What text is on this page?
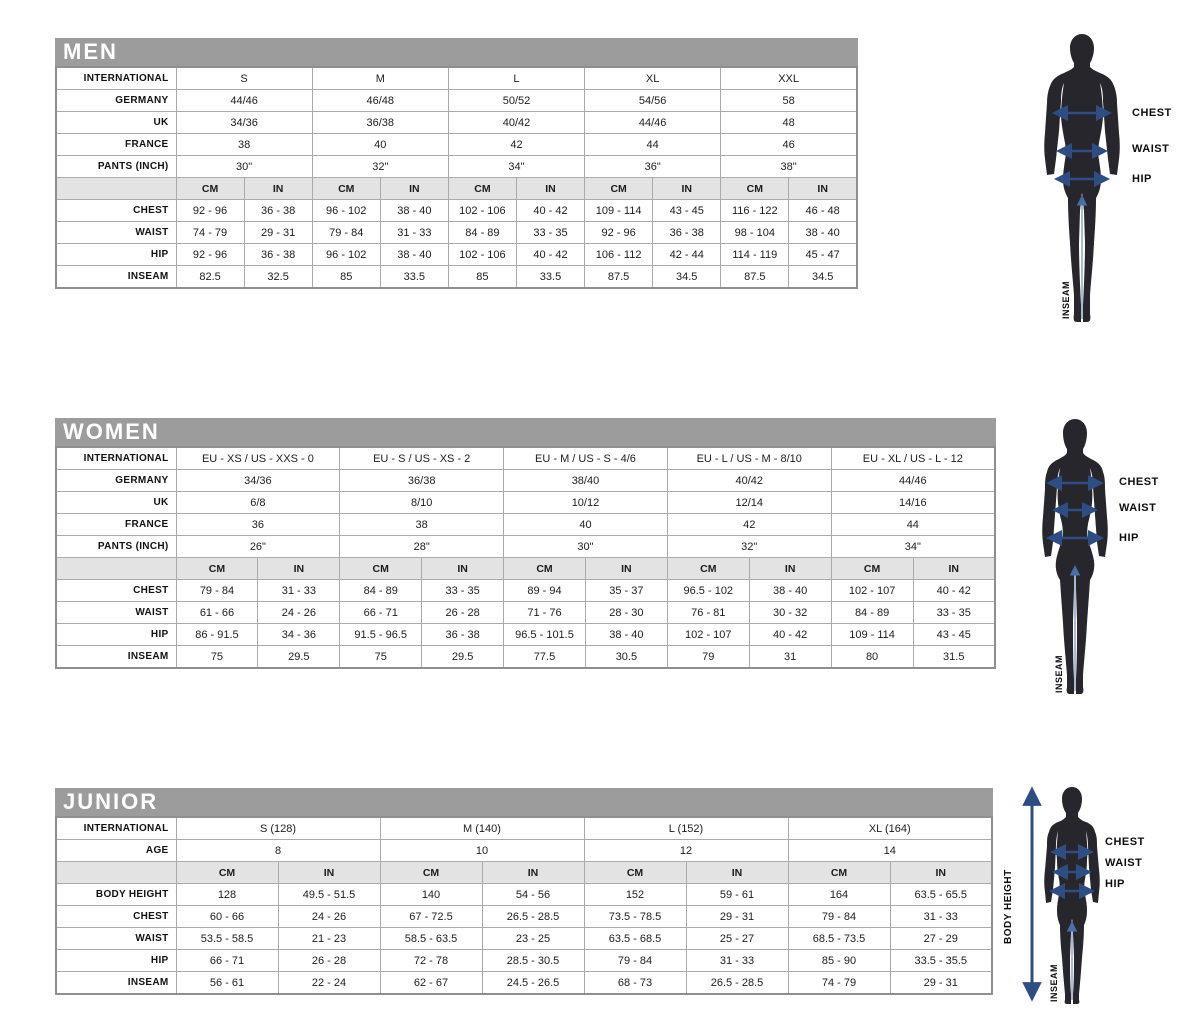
MEN
INTERNATIONAL	S		M		L		XL		XXL	
GERMANY	44/46		46/48		50/52		54/56		58	
UK	34/36		36/38		40/42		44/46		48	
FRANCE	38		40		42		44		46	
PANTS (INCH)	30"		32"		34"		36"		38"	
	CM	IN	CM	IN	CM	IN	CM	IN	CM	IN
CHEST	92 - 96	36 - 38	96 - 102	38 - 40	102 - 106	40 - 42	109 - 114	43 - 45	116 - 122	46 - 48
WAIST	74 - 79	29 - 31	79 - 84	31 - 33	84 - 89	33 - 35	92 - 96	36 - 38	98 - 104	38 - 40
HIP	92 - 96	36 - 38	96 - 102	38 - 40	102 - 106	40 - 42	106 - 112	42 - 44	114 - 119	45 - 47
INSEAM	82.5	32.5	85	33.5	85	33.5	87.5	34.5	87.5	34.5
CHEST
WAIST
HIP
INSEAM
WOMEN
INTERNATIONAL	EU - XS / US - XXS - 0		EU - S / US - XS - 2		EU - M / US - S - 4/6		EU - L / US - M - 8/10		EU - XL / US - L - 12	
GERMANY	34/36		36/38		38/40		40/42		44/46	
UK	6/8		8/10		10/12		12/14		14/16	
FRANCE	36		38		40		42		44	
PANTS (INCH)	26"		28"		30"		32"		34"	
	CM	IN	CM	IN	CM	IN	CM	IN	CM	IN
CHEST	79 - 84	31 - 33	84 - 89	33 - 35	89 - 94	35 - 37	96.5 - 102	38 - 40	102 - 107	40 - 42
WAIST	61 - 66	24 - 26	66 - 71	26 - 28	71 - 76	28 - 30	76 - 81	30 - 32	84 - 89	33 - 35
HIP	86 - 91.5	34 - 36	91.5 - 96.5	36 - 38	96.5 - 101.5	38 - 40	102 - 107	40 - 42	109 - 114	43 - 45
INSEAM	75	29.5	75	29.5	77.5	30.5	79	31	80	31.5
CHEST
WAIST
HIP
INSEAM
JUNIOR
INTERNATIONAL	S (128)		M (140)		L (152)		XL (164)	
AGE	8		10		12		14	
	CM	IN	CM	IN	CM	IN	CM	IN
BODY HEIGHT	128	49.5 - 51.5	140	54 - 56	152	59 - 61	164	63.5 - 65.5
CHEST	60 - 66	24 - 26	67 - 72.5	26.5 - 28.5	73.5 - 78.5	29 - 31	79 - 84	31 - 33
WAIST	53.5 - 58.5	21 - 23	58.5 - 63.5	23 - 25	63.5 - 68.5	25 - 27	68.5 - 73.5	27 - 29
HIP	66 - 71	26 - 28	72 - 78	28.5 - 30.5	79 - 84	31 - 33	85 - 90	33.5 - 35.5
INSEAM	56 - 61	22 - 24	62 - 67	24.5 - 26.5	68 - 73	26.5 - 28.5	74 - 79	29 - 31
CHEST
WAIST
HIP
INSEAM
BODY HEIGHT
